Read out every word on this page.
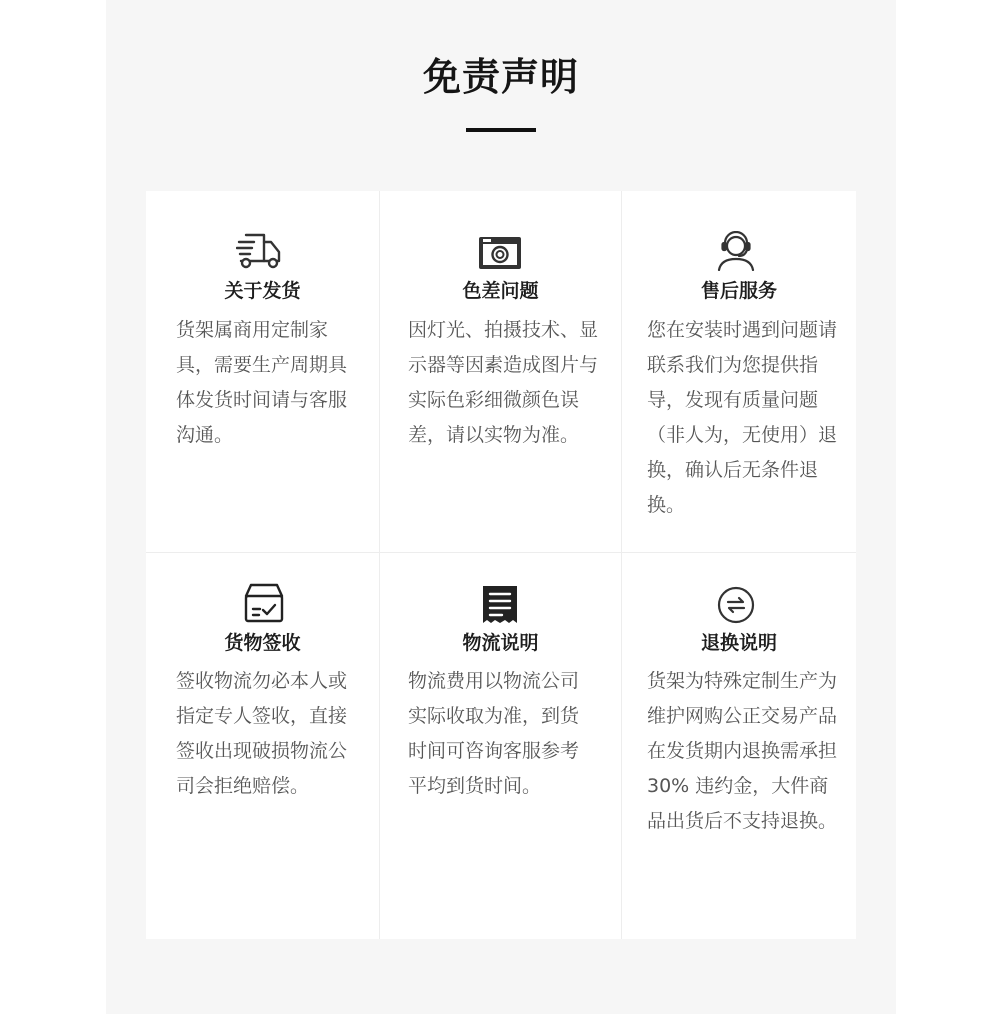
免责声明
关于发货

货架属商用定制家具，需要生产周期具体发货时间请与客服沟通。

色差问题

因灯光、拍摄技术、显示器等因素造成图片与实际色彩细微颜色误差，请以实物为准。

售后服务

您在安装时遇到问题请联系我们为您提供指导，发现有质量问题（非人为，无使用）退换，确认后无条件退换。

货物签收

签收物流勿必本人或指定专人签收，直接签收出现破损物流公司会拒绝赔偿。

物流说明

物流费用以物流公司实际收取为准，到货时间可咨询客服参考平均到货时间。

退换说明

货架为特殊定制生产为维护网购公正交易产品在发货期内退换需承担 30% 违约金，大件商品出货后不支持退换。
